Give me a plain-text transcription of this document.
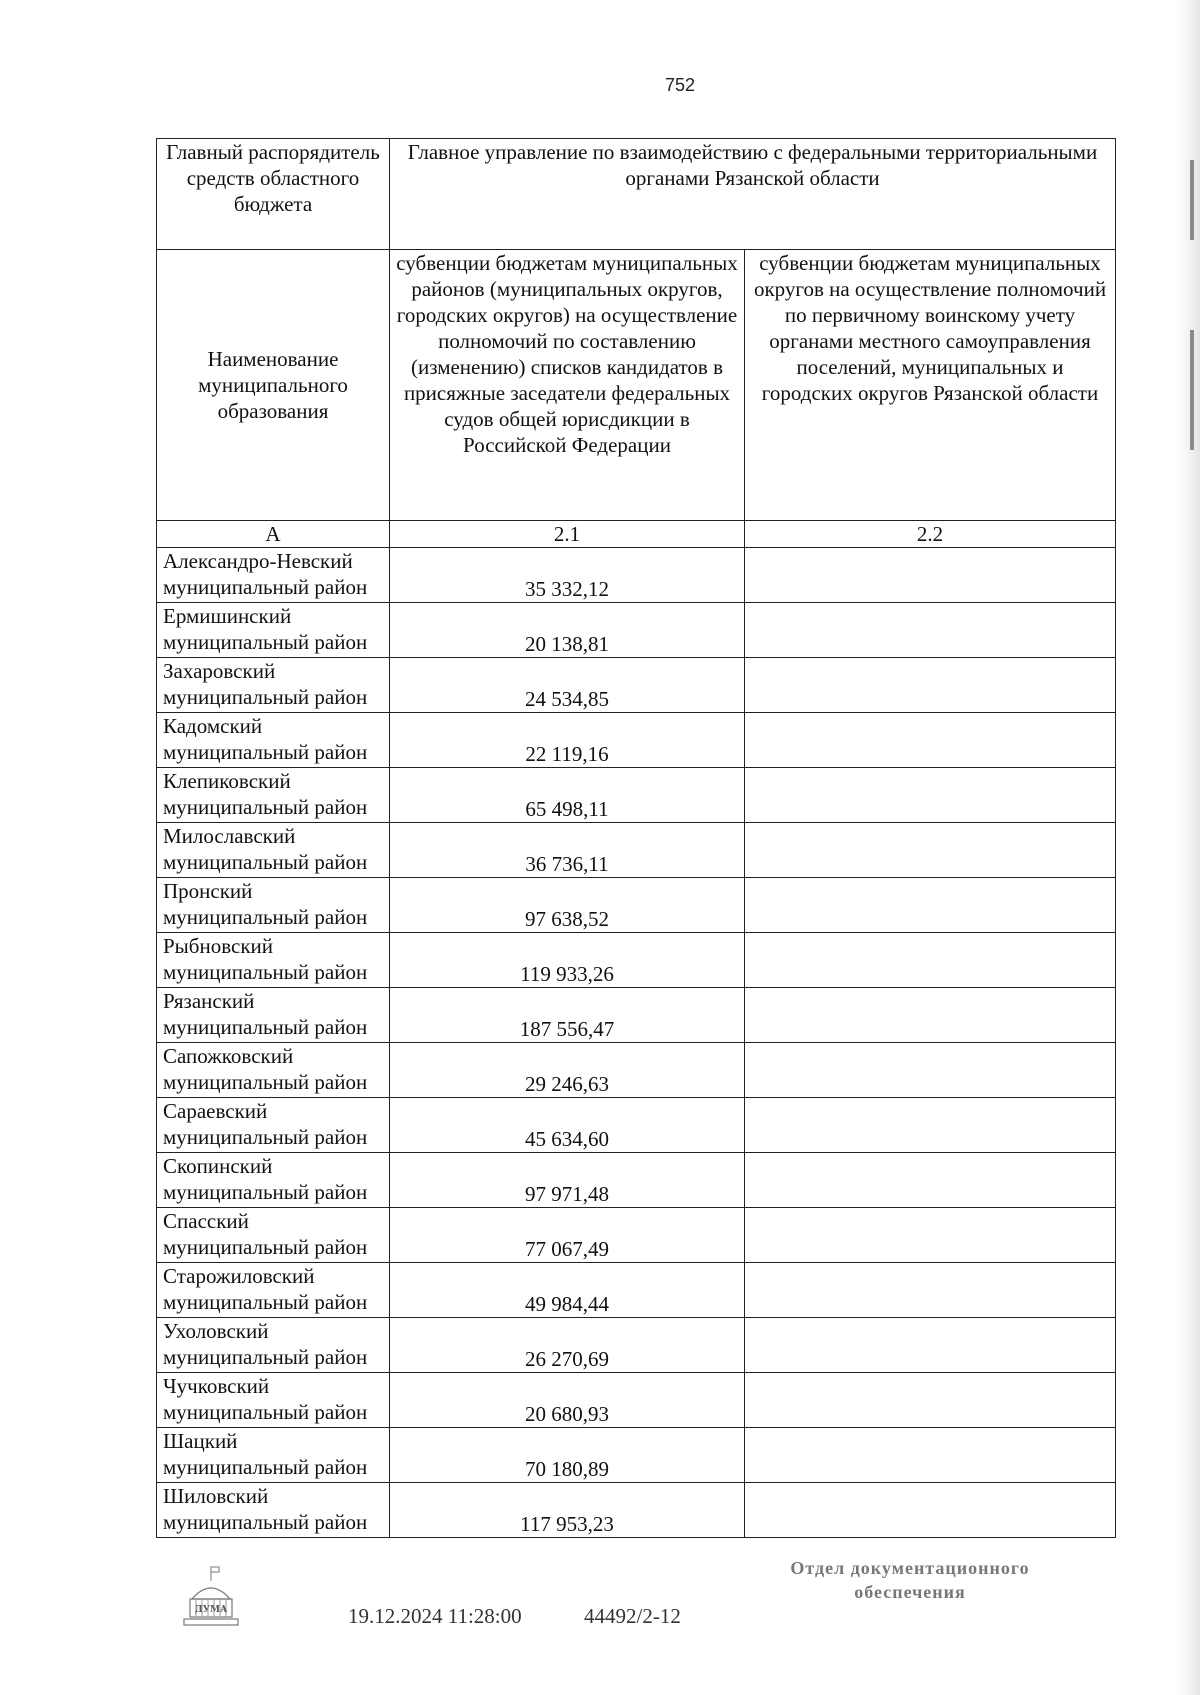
752
Главный распорядитель средств областного бюджета	Главное управление по взаимодействию с федеральными территориальными органами Рязанской области	
Наименование муниципального образования	субвенции бюджетам муниципальных районов (муниципальных округов, городских округов) на осуществление полномочий по составлению (изменению) списков кандидатов в присяжные заседатели федеральных судов общей юрисдикции в Российской Федерации	субвенции бюджетам муниципальных округов на осуществление полномочий по первичному воинскому учету органами местного самоуправления поселений, муниципальных и городских округов Рязанской области
А	2.1	2.2
Александро-Невский муниципальный район	35 332,12	
Ермишинский муниципальный район	20 138,81	
Захаровский муниципальный район	24 534,85	
Кадомский муниципальный район	22 119,16	
Клепиковский муниципальный район	65 498,11	
Милославский муниципальный район	36 736,11	
Пронский муниципальный район	97 638,52	
Рыбновский муниципальный район	119 933,26	
Рязанский муниципальный район	187 556,47	
Сапожковский муниципальный район	29 246,63	
Сараевский муниципальный район	45 634,60	
Скопинский муниципальный район	97 971,48	
Спасский муниципальный район	77 067,49	
Старожиловский муниципальный район	49 984,44	
Ухоловский муниципальный район	26 270,69	
Чучковский муниципальный район	20 680,93	
Шацкий муниципальный район	70 180,89	
Шиловский муниципальный район	117 953,23	
ДУМА	19.12.2024 11:28:00	44492/2-12
Отдел документационного обеспечения
